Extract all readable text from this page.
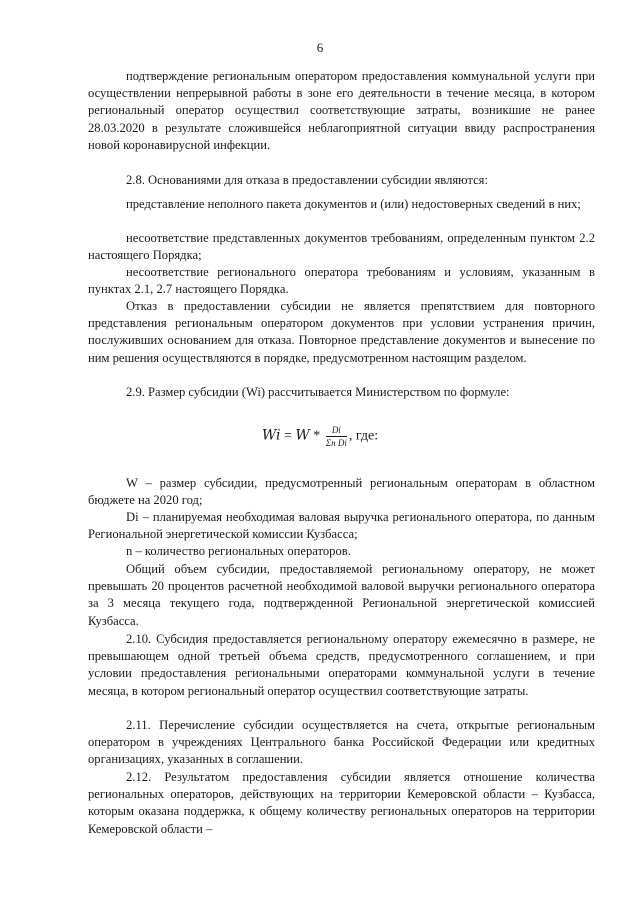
6

подтверждение региональным оператором предоставления коммунальной услуги при осуществлении непрерывной работы в зоне его деятельности в течение месяца, в котором региональный оператор осуществил соответствующие затраты, возникшие не ранее 28.03.2020 в результате сложившейся неблагоприятной ситуации ввиду распространения новой коронавирусной инфекции.

2.8. Основаниями для отказа в предоставлении субсидии являются:

представление неполного пакета документов и (или) недостоверных сведений в них;

несоответствие представленных документов требованиям, определенным пунктом 2.2 настоящего Порядка;

несоответствие регионального оператора требованиям и условиям, указанным в пунктах 2.1, 2.7 настоящего Порядка.

Отказ в предоставлении субсидии не является препятствием для повторного представления региональным оператором документов при условии устранения причин, послуживших основанием для отказа. Повторное представление документов и вынесение по ним решения осуществляются в порядке, предусмотренном настоящим разделом.

2.9. Размер субсидии (Wi) рассчитывается Министерством по формуле:

$Wi = W * \frac{Di}{\text{Σn Di}}$ , где:

W – размер субсидии, предусмотренный региональным операторам в областном бюджете на 2020 год;

Di – планируемая необходимая валовая выручка регионального оператора, по данным Региональной энергетической комиссии Кузбасса;

n – количество региональных операторов.

Общий объем субсидии, предоставляемой региональному оператору, не может превышать 20 процентов расчетной необходимой валовой выручки регионального оператора за 3 месяца текущего года, подтвержденной Региональной энергетической комиссией Кузбасса.

2.10. Субсидия предоставляется региональному оператору ежемесячно в размере, не превышающем одной третьей объема средств, предусмотренного соглашением, и при условии предоставления региональными операторами коммунальной услуги в течение месяца, в котором региональный оператор осуществил соответствующие затраты.

2.11. Перечисление субсидии осуществляется на счета, открытые региональным оператором в учреждениях Центрального банка Российской Федерации или кредитных организациях, указанных в соглашении.

2.12. Результатом предоставления субсидии является отношение количества региональных операторов, действующих на территории Кемеровской области – Кузбасса, которым оказана поддержка, к общему количеству региональных операторов на территории Кемеровской области –
